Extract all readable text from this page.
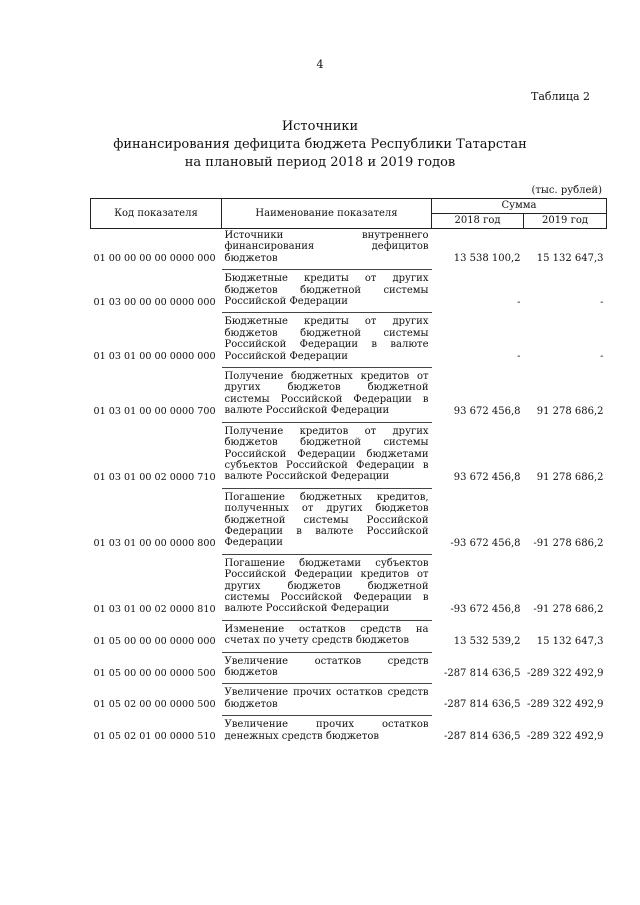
4
Таблица 2
Источники
финансирования дефицита бюджета Республики Татарстан
на плановый период 2018 и 2019 годов
(тыс. рублей)
Код показателя	Наименование показателя	Сумма	
		2018 год	2019 год
01 00 00 00 00 0000 000	Источники внутреннего финансирования дефицитов бюджетов	13 538 100,2	15 132 647,3

01 03 00 00 00 0000 000	Бюджетные кредиты от других бюджетов бюджетной системы Российской Федерации	-	-

01 03 01 00 00 0000 000	Бюджетные кредиты от других бюджетов бюджетной системы Российской Федерации в валюте Российской Федерации	-	-

01 03 01 00 00 0000 700	Получение бюджетных кредитов от других бюджетов бюджетной системы Российской Федерации в валюте Российской Федерации	93 672 456,8	91 278 686,2

01 03 01 00 02 0000 710	Получение кредитов от других бюджетов бюджетной системы Российской Федерации бюджетами субъектов Российской Федерации в валюте Российской Федерации	93 672 456,8	91 278 686,2

01 03 01 00 00 0000 800	Погашение бюджетных кредитов, полученных от других бюджетов бюджетной системы Российской Федерации в валюте Российской Федерации	-93 672 456,8	-91 278 686,2

01 03 01 00 02 0000 810	Погашение бюджетами субъектов Российской Федерации кредитов от других бюджетов бюджетной системы Российской Федерации в валюте Российской Федерации	-93 672 456,8	-91 278 686,2

01 05 00 00 00 0000 000	Изменение остатков средств на счетах по учету средств бюджетов	13 532 539,2	15 132 647,3

01 05 00 00 00 0000 500	Увеличение остатков средств бюджетов	-287 814 636,5	-289 322 492,9

01 05 02 00 00 0000 500	Увеличение прочих остатков средств бюджетов	-287 814 636,5	-289 322 492,9

01 05 02 01 00 0000 510	Увеличение прочих остатков денежных средств бюджетов	-287 814 636,5	-289 322 492,9
